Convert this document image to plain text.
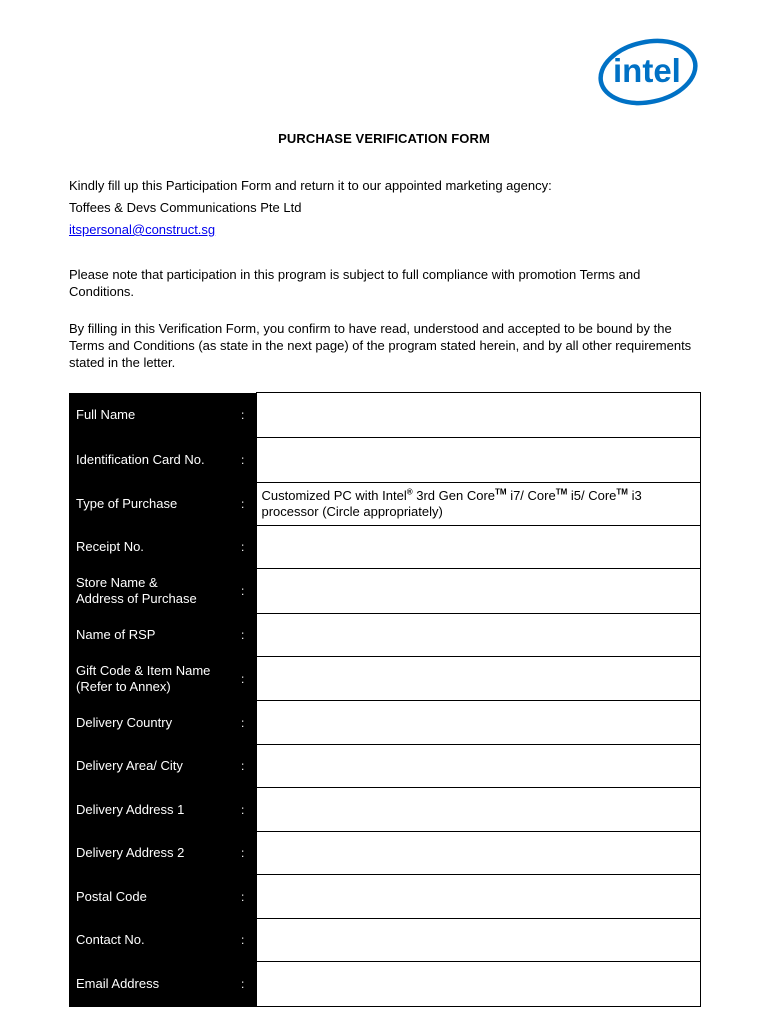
intel
PURCHASE VERIFICATION FORM
Kindly fill up this Participation Form and return it to our appointed marketing agency:
Toffees & Devs Communications Pte Ltd
itspersonal@construct.sg
Please note that participation in this program is subject to full compliance with promotion Terms and Conditions.
By filling in this Verification Form, you confirm to have read, understood and accepted to be bound by the Terms and Conditions (as state in the next page) of the program stated herein, and by all other requirements stated in the letter.
Full Name	:	
Identification Card No.	:	
Type of Purchase	:	Customized PC with Intel® 3rd Gen Core™ i7/ Core™ i5/ Core™ i3
processor (Circle appropriately)
Receipt No.	:	
Store Name &
Address of Purchase	:	
Name of RSP	:	
Gift Code & Item Name
(Refer to Annex)	:	
Delivery Country	:	
Delivery Area/ City	:	
Delivery Address 1	:	
Delivery Address 2	:	
Postal Code	:	
Contact No.	:	
Email Address	:	
